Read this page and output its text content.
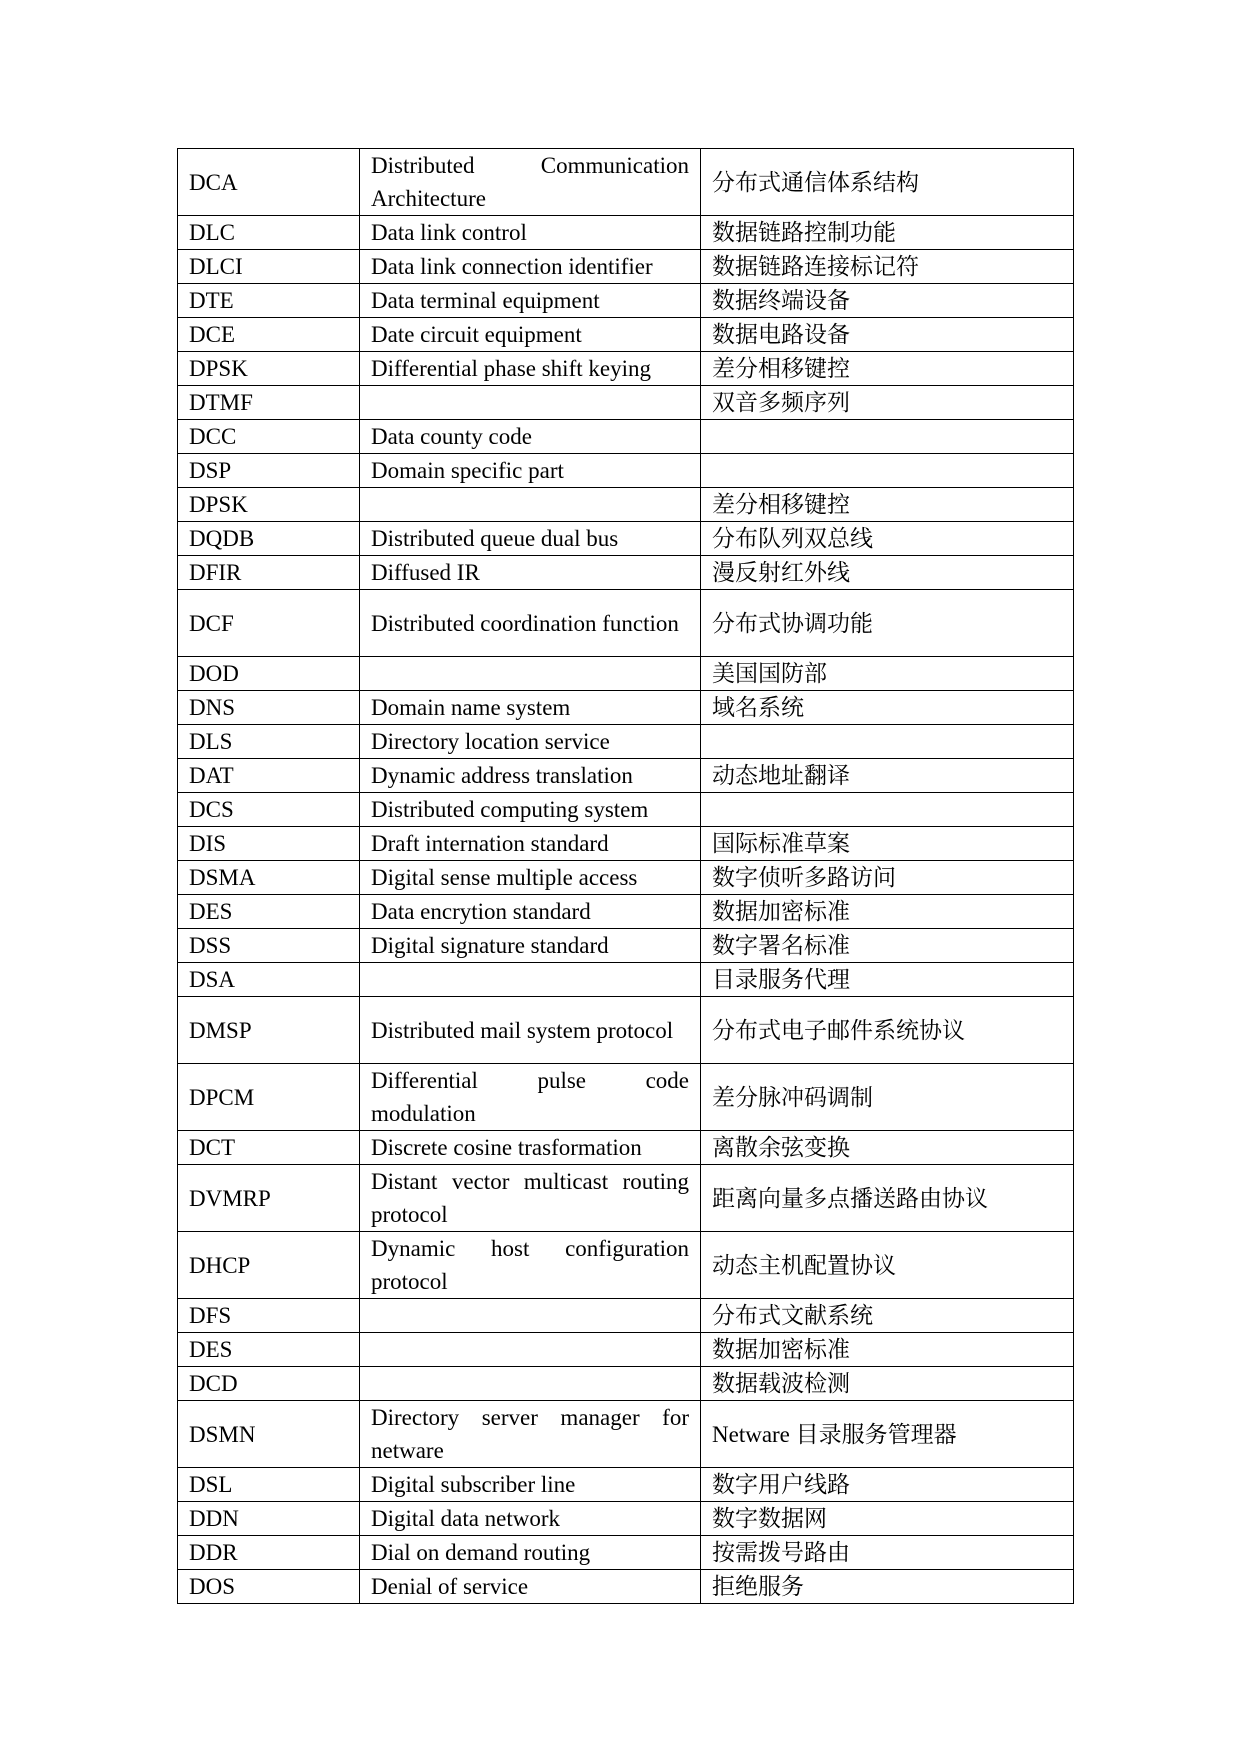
DCA	Distributed Communication Architecture	分布式通信体系结构
DLC	Data link control	数据链路控制功能
DLCI	Data link connection identifier	数据链路连接标记符
DTE	Data terminal equipment	数据终端设备
DCE	Date circuit equipment	数据电路设备
DPSK	Differential phase shift keying	差分相移键控
DTMF		双音多频序列
DCC	Data county code	
DSP	Domain specific part	
DPSK		差分相移键控
DQDB	Distributed queue dual bus	分布队列双总线
DFIR	Diffused IR	漫反射红外线
DCF	Distributed coordination function	分布式协调功能
DOD		美国国防部
DNS	Domain name system	域名系统
DLS	Directory location service	
DAT	Dynamic address translation	动态地址翻译
DCS	Distributed computing system	
DIS	Draft internation standard	国际标准草案
DSMA	Digital sense multiple access	数字侦听多路访问
DES	Data encrytion standard	数据加密标准
DSS	Digital signature standard	数字署名标准
DSA		目录服务代理
DMSP	Distributed mail system protocol	分布式电子邮件系统协议
DPCM	Differential pulse code modulation	差分脉冲码调制
DCT	Discrete cosine trasformation	离散余弦变换
DVMRP	Distant vector multicast routing protocol	距离向量多点播送路由协议
DHCP	Dynamic host configuration protocol	动态主机配置协议
DFS		分布式文献系统
DES		数据加密标准
DCD		数据载波检测
DSMN	Directory server manager for netware	Netware 目录服务管理器
DSL	Digital subscriber line	数字用户线路
DDN	Digital data network	数字数据网
DDR	Dial on demand routing	按需拨号路由
DOS	Denial of service	拒绝服务
